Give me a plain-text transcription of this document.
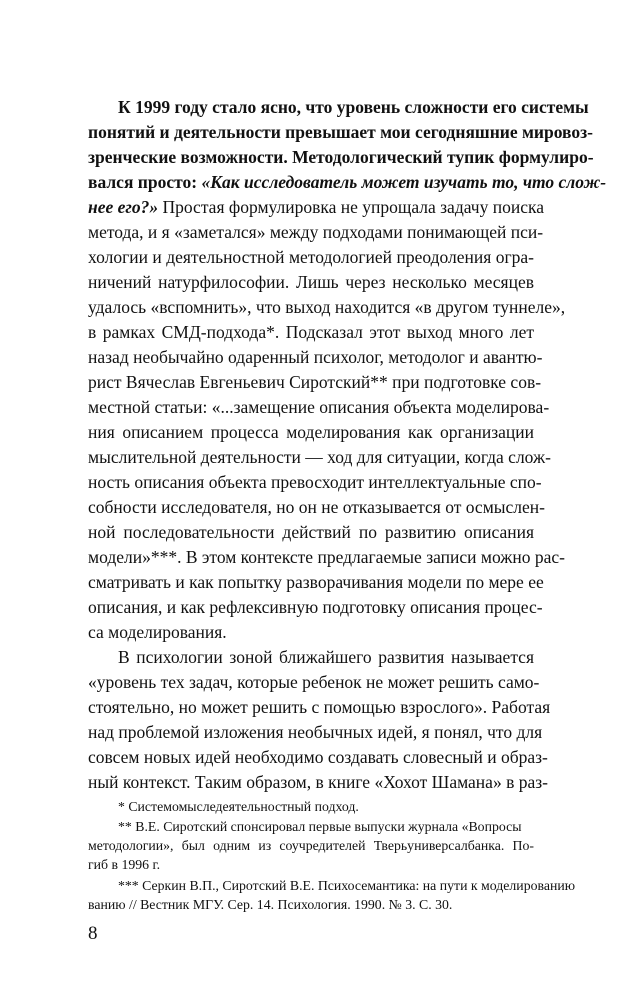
К 1999 году стало ясно, что уровень сложности его системы
понятий и деятельности превышает мои сегодняшние мировоз-
зренческие возможности. Методологический тупик формулиро-
вался просто: «Как исследователь может изучать то, что слож-
нее его?» Простая формулировка не упрощала задачу поиска
метода, и я «заметался» между подходами понимающей пси-
хологии и деятельностной методологией преодоления огра-
ничений натурфилософии. Лишь через несколько месяцев
удалось «вспомнить», что выход находится «в другом туннеле»,
в рамках СМД-подхода*. Подсказал этот выход много лет
назад необычайно одаренный психолог, методолог и авантю-
рист Вячеслав Евгеньевич Сиротский** при подготовке сов-
местной статьи: «...замещение описания объекта моделирова-
ния описанием процесса моделирования как организации
мыслительной деятельности — ход для ситуации, когда слож-
ность описания объекта превосходит интеллектуальные спо-
собности исследователя, но он не отказывается от осмыслен-
ной последовательности действий по развитию описания
модели»***. В этом контексте предлагаемые записи можно рас-
сматривать и как попытку разворачивания модели по мере ее
описания, и как рефлексивную подготовку описания процес-
са моделирования.
В психологии зоной ближайшего развития называется
«уровень тех задач, которые ребенок не может решить само-
стоятельно, но может решить с помощью взрослого». Работая
над проблемой изложения необычных идей, я понял, что для
совсем новых идей необходимо создавать словесный и образ-
ный контекст. Таким образом, в книге «Хохот Шамана» в раз-
* Системомыследеятельностный подход.
** В.Е. Сиротский спонсировал первые выпуски журнала «Вопросы
методологии», был одним из соучредителей Тверьуниверсалбанка. По-
гиб в 1996 г.
*** Серкин В.П., Сиротский В.Е. Психосемантика: на пути к моделированию
ванию // Вестник МГУ. Сер. 14. Психология. 1990. № 3. С. 30.
8
